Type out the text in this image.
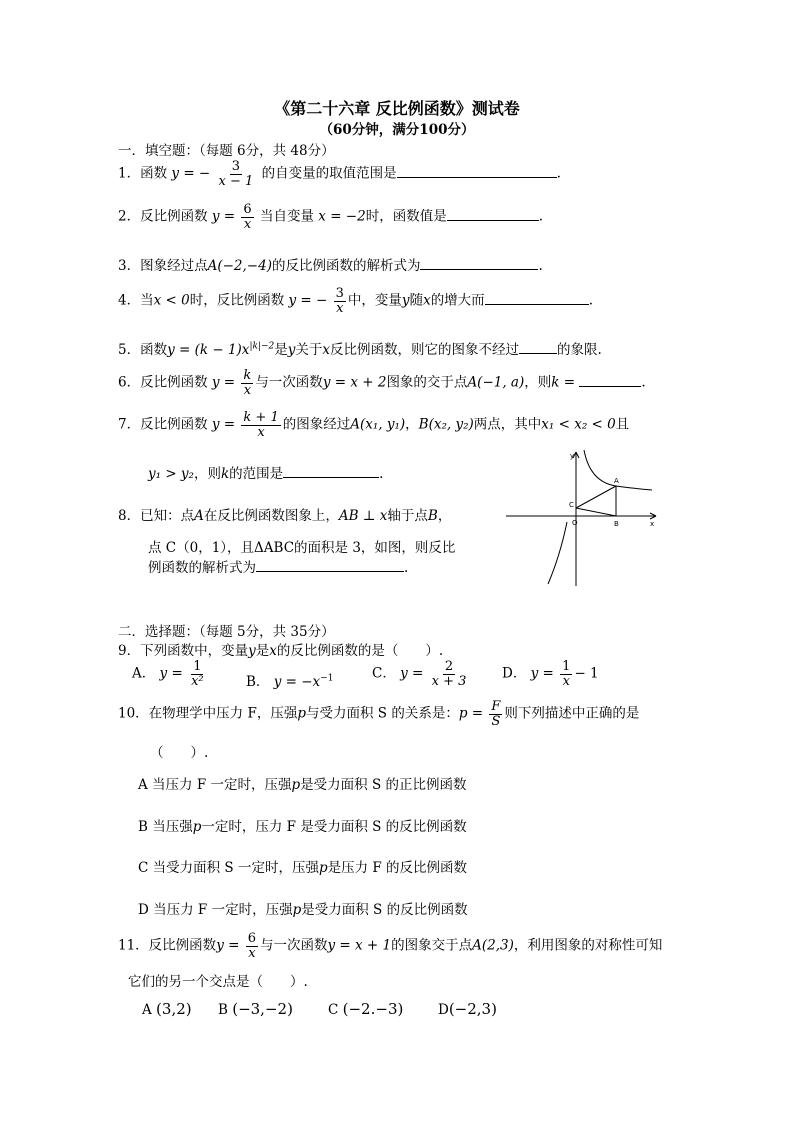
《第二十六章 反比例函数》测试卷
（60分钟，满分100分）
一．填空题：（每题 6分，共 48分）
1．函数 y = − $\frac{3}{x - 1}$ 的自变量的取值范围是	.
2．反比例函数 $y = \frac{6}{x}$ 当自变量 x = −2时，函数值是	.
3．图象经过点A(−2,−4)的反比例函数的解析式为	.
4．当x < 0时，反比例函数 y = − $\frac{3}{x}$ 中，变量y随x的增大而	.
5．函数$y = (k - 1)x^{|k|-2}$是y关于x反比例函数，则它的图象不经过	的象限.
6．反比例函数 $y = \frac{k}{x}$ 与一次函数y = x + 2图象的交于点A(−1, a)，则k =	.
7．反比例函数 $y = \frac{k + 1}{x}$ 的图象经过A(x₁, y₁)，B(x₂, y₂)两点，其中x₁ < x₂ < 0且
y₁ > y₂，则k的范围是	.
8．已知：点A在反比例函数图象上，AB ⊥ x轴于点B，
点 C（0，1），且ΔABC的面积是 3，如图，则反比
例函数的解析式为	.
y
x
A
B
C
O
二．选择题：（每题 5分，共 35分）
9．下列函数中，变量y是x的反比例函数的是（　　）.
A． $y = \frac{1}{\text{x²}}$	B． $y = -x^{-1}$	C． $y = \frac{2}{x + 3}$ D． $y = \frac{1}{x} - 1$
10．在物理学中压力 F，压强p与受力面积 S 的关系是：$p = \frac{F}{S}$ 则下列描述中正确的是
（　　）.
A 当压力 F 一定时，压强p是受力面积 S 的正比例函数
B 当压强p一定时，压力 F 是受力面积 S 的反比例函数
C 当受力面积 S 一定时，压强p是压力 F 的反比例函数
D 当压力 F 一定时，压强p是受力面积 S 的反比例函数
11．反比例函数$y = \frac{6}{x}$ 与一次函数y = x + 1的图象交于点A(2,3)，利用图象的对称性可知
它们的另一个交点是（　　）.
A (3,2) B (−3,−2)	C (−2.−3)	D(−2,3)
